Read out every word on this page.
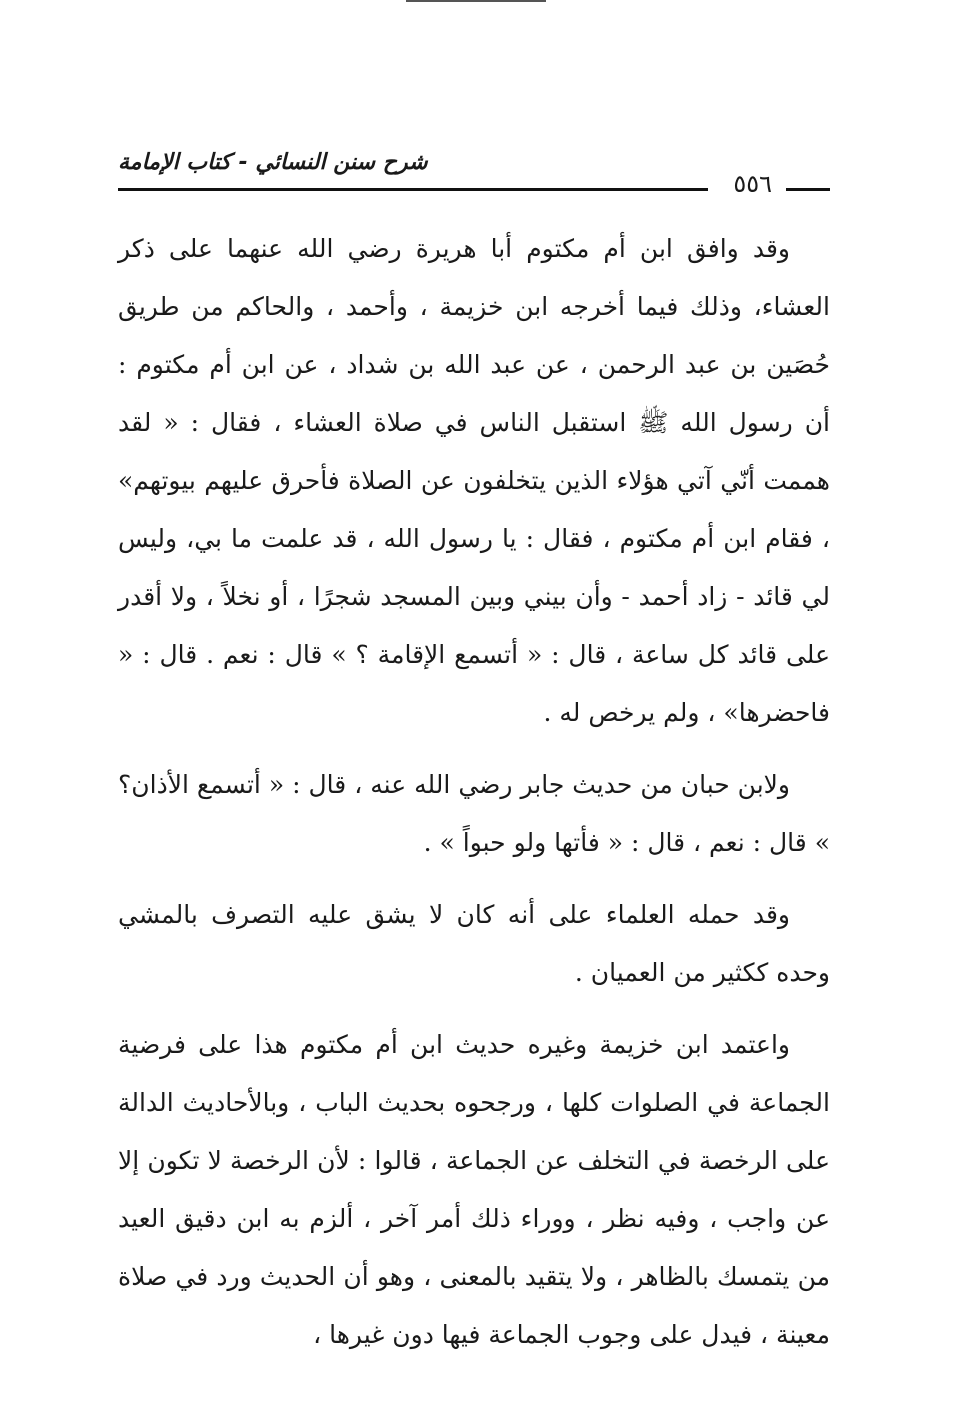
شرح سنن النسائي - كتاب الإمامة
٥٥٦

وقد وافق ابن أم مكتوم أبا هريرة رضي الله عنهما على ذكر العشاء، وذلك فيما أخرجه ابن خزيمة ، وأحمد ، والحاكم من طريق حُصَين بن عبد الرحمن ، عن عبد الله بن شداد ، عن ابن أم مكتوم : أن رسول الله ﷺ استقبل الناس في صلاة العشاء ، فقال : « لقد هممت أنّي آتي هؤلاء الذين يتخلفون عن الصلاة فأحرق عليهم بيوتهم» ، فقام ابن أم مكتوم ، فقال : يا رسول الله ، قد علمت ما بي، وليس لي قائد - زاد أحمد - وأن بيني وبين المسجد شجرًا ، أو نخلاً ، ولا أقدر على قائد كل ساعة ، قال : « أتسمع الإقامة ؟ » قال : نعم . قال : « فاحضرها» ، ولم يرخص له .

ولابن حبان من حديث جابر رضي الله عنه ، قال : « أتسمع الأذان؟ » قال : نعم ، قال : « فأتها ولو حبواً » .

وقد حمله العلماء على أنه كان لا يشق عليه التصرف بالمشي وحده ككثير من العميان .

واعتمد ابن خزيمة وغيره حديث ابن أم مكتوم هذا على فرضية الجماعة في الصلوات كلها ، ورجحوه بحديث الباب ، وبالأحاديث الدالة على الرخصة في التخلف عن الجماعة ، قالوا : لأن الرخصة لا تكون إلا عن واجب ، وفيه نظر ، ووراء ذلك أمر آخر ، ألزم به ابن دقيق العيد من يتمسك بالظاهر ، ولا يتقيد بالمعنى ، وهو أن الحديث ورد في صلاة معينة ، فيدل على وجوب الجماعة فيها دون غيرها ،
